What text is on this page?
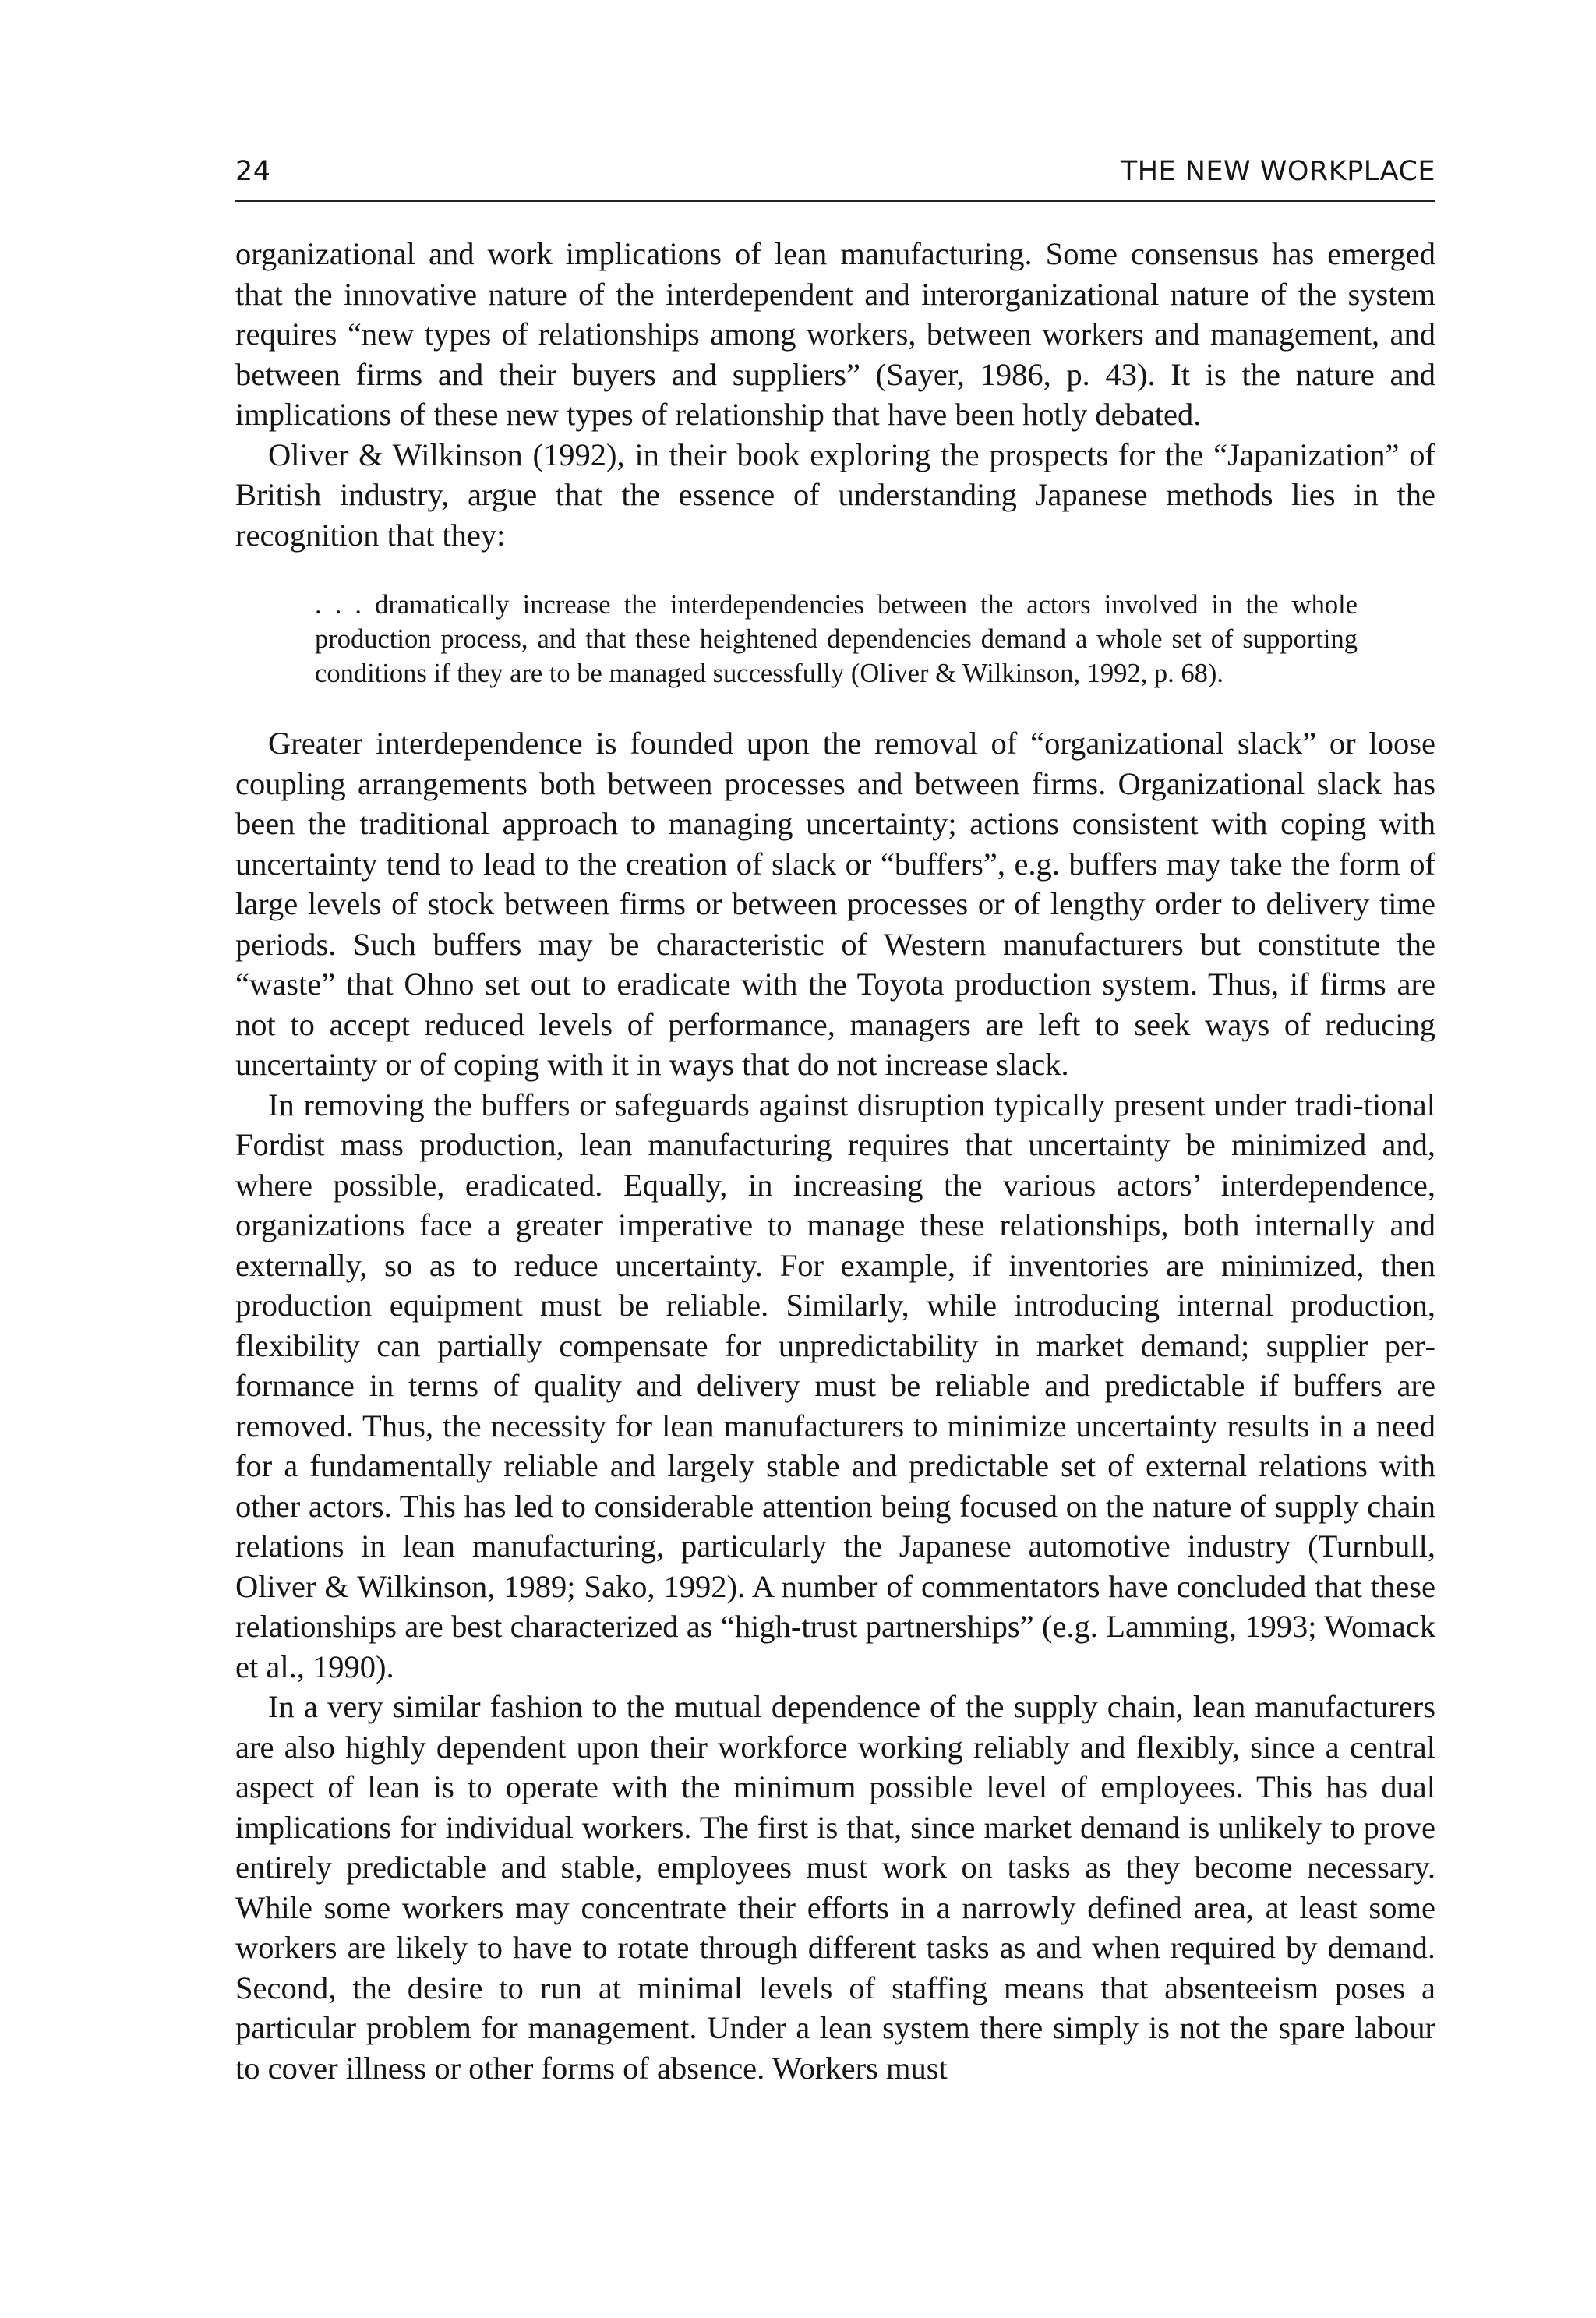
24	THE NEW WORKPLACE

organizational and work implications of lean manufacturing. Some consensus has emerged that the innovative nature of the interdependent and interorganizational nature of the system requires “new types of relationships among workers, between workers and management, and between firms and their buyers and suppliers” (Sayer, 1986, p. 43). It is the nature and implications of these new types of relationship that have been hotly debated.

Oliver & Wilkinson (1992), in their book exploring the prospects for the “Japanization” of British industry, argue that the essence of understanding Japanese methods lies in the recognition that they:

. . . dramatically increase the interdependencies between the actors involved in the whole production process, and that these heightened dependencies demand a whole set of supporting conditions if they are to be managed successfully (Oliver & Wilkinson, 1992, p. 68).

Greater interdependence is founded upon the removal of “organizational slack” or loose coupling arrangements both between processes and between firms. Organizational slack has been the traditional approach to managing uncertainty; actions consistent with coping with uncertainty tend to lead to the creation of slack or “buffers”, e.g. buffers may take the form of large levels of stock between firms or between processes or of lengthy order to delivery time periods. Such buffers may be characteristic of Western manufacturers but constitute the “waste” that Ohno set out to eradicate with the Toyota production system. Thus, if firms are not to accept reduced levels of performance, managers are left to seek ways of reducing uncertainty or of coping with it in ways that do not increase slack.

In removing the buffers or safeguards against disruption typically present under tradi-tional Fordist mass production, lean manufacturing requires that uncertainty be minimized and, where possible, eradicated. Equally, in increasing the various actors’ interdependence, organizations face a greater imperative to manage these relationships, both internally and externally, so as to reduce uncertainty. For example, if inventories are minimized, then production equipment must be reliable. Similarly, while introducing internal production, flexibility can partially compensate for unpredictability in market demand; supplier performance in terms of quality and delivery must be reliable and predictable if buffers are removed. Thus, the necessity for lean manufacturers to minimize uncertainty results in a need for a fundamentally reliable and largely stable and predictable set of external relations with other actors. This has led to considerable attention being focused on the nature of supply chain relations in lean manufacturing, particularly the Japanese automotive industry (Turnbull, Oliver & Wilkinson, 1989; Sako, 1992). A number of commentators have concluded that these relationships are best characterized as “high-trust partnerships” (e.g. Lamming, 1993; Womack et al., 1990).

In a very similar fashion to the mutual dependence of the supply chain, lean manufacturers are also highly dependent upon their workforce working reliably and flexibly, since a central aspect of lean is to operate with the minimum possible level of employees. This has dual implications for individual workers. The first is that, since market demand is unlikely to prove entirely predictable and stable, employees must work on tasks as they become necessary. While some workers may concentrate their efforts in a narrowly defined area, at least some workers are likely to have to rotate through different tasks as and when required by demand. Second, the desire to run at minimal levels of staffing means that absenteeism poses a particular problem for management. Under a lean system there simply is not the spare labour to cover illness or other forms of absence. Workers must
